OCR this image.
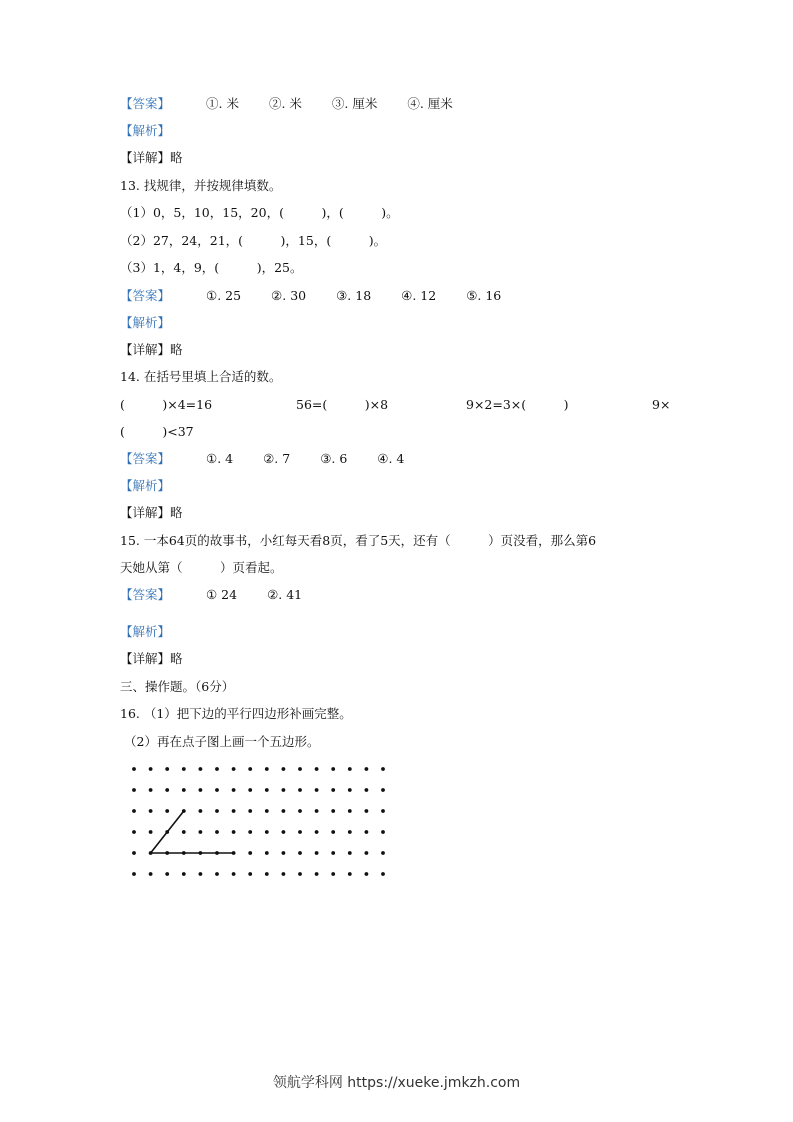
【答案】	①. 米 ②. 米 ③. 厘米 ④. 厘米
【解析】
【详解】略
13. 找规律，并按规律填数。
（1）0，5，10，15，20，(　　　)，(　　　)。
（2）27，24，21，(　　　)，15，(　　　)。
（3）1，4，9，(　　　)，25。
【答案】	①. 25 ②. 30 ③. 18 ④. 12 ⑤. 16
【解析】
【详解】略
14. 在括号里填上合适的数。
(　　　)×4=16	56=(　　　)×8	9×2=3×(　　　)	9×
(　　　)<37
【答案】	①. 4 ②. 7 ③. 6 ④. 4
【解析】
【详解】略
15. 一本64页的故事书，小红每天看8页，看了5天，还有（　　　）页没看，那么第6
天她从第（　　　）页看起。
【答案】	① 24 ②. 41
【解析】
【详解】略
三、操作题。（6分）
16. （1）把下边的平行四边形补画完整。
（2）再在点子图上画一个五边形。
领航学科网 https://xueke.jmkzh.com
